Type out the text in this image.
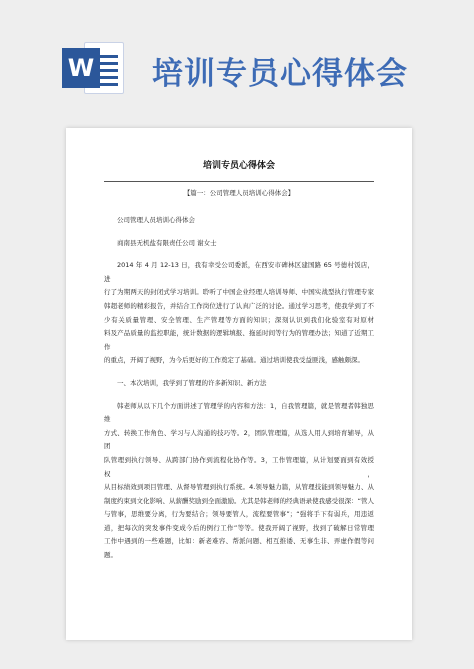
W 培训专员心得体会
培训专员心得体会
【篇一：公司管理人员培训心得体会】

公司管理人员培训心得体会

商南县无机盐有限责任公司 谢女士

2014 年 4 月 12-13 日，我有幸受公司委派，在西安市碑林区建国路 65 号德村饭店，进

行了为期两天的封闭式学习培训。聆听了中国企业经理人培训导师、中国实战型执行管理专家

韩超老师的精彩报告，并结合工作岗位进行了认真广泛的讨论。通过学习思考，使我学到了不

少有关质量管理、安全管理、生产管理等方面的知识；深刻认识到我们化验室有对原材

料及产品质量的监控职能，统计数据的逻辑填报、拖延时间等行为的管理办法；知道了近期工作

的重点，开阔了视野，为今后更好的工作奠定了基础。通过培训使我受益匪浅，感触颇深。

一、本次培训，我学到了管理的许多新知识、新方法

韩老师从以下几个方面讲述了管理学的内容和方法：1，自我管理篇，就是管理者韩独思维

方式、转换工作角色、学习与人沟通的技巧等。2，团队管理篇，从选人用人到培育辅导，从团

队管理到执行领导、从跨部门协作到流程化协作等。3，工作管理篇，从计划要面到有效授权，

从目标绩效到项目管理、从督导管理到执行系统。4.领导魅力篇，从管理技能到领导魅力、从

制度约束到文化影响、从薪酬奖励到全面激励。尤其是韩老师的经典语录使我感受很深：“管人

与管事，思维要分离，行为要结合；领导要管人，流程要管事”；“强将手下有弱兵，用违返

道，把每次的突发事件变成今后的例行工作”等等。使我开阔了视野，找到了破解日常管理

工作中遇到的一些难题，比如：新老难容、帮派问题、相互推诿、无事生非、弄虚作假等问题。
